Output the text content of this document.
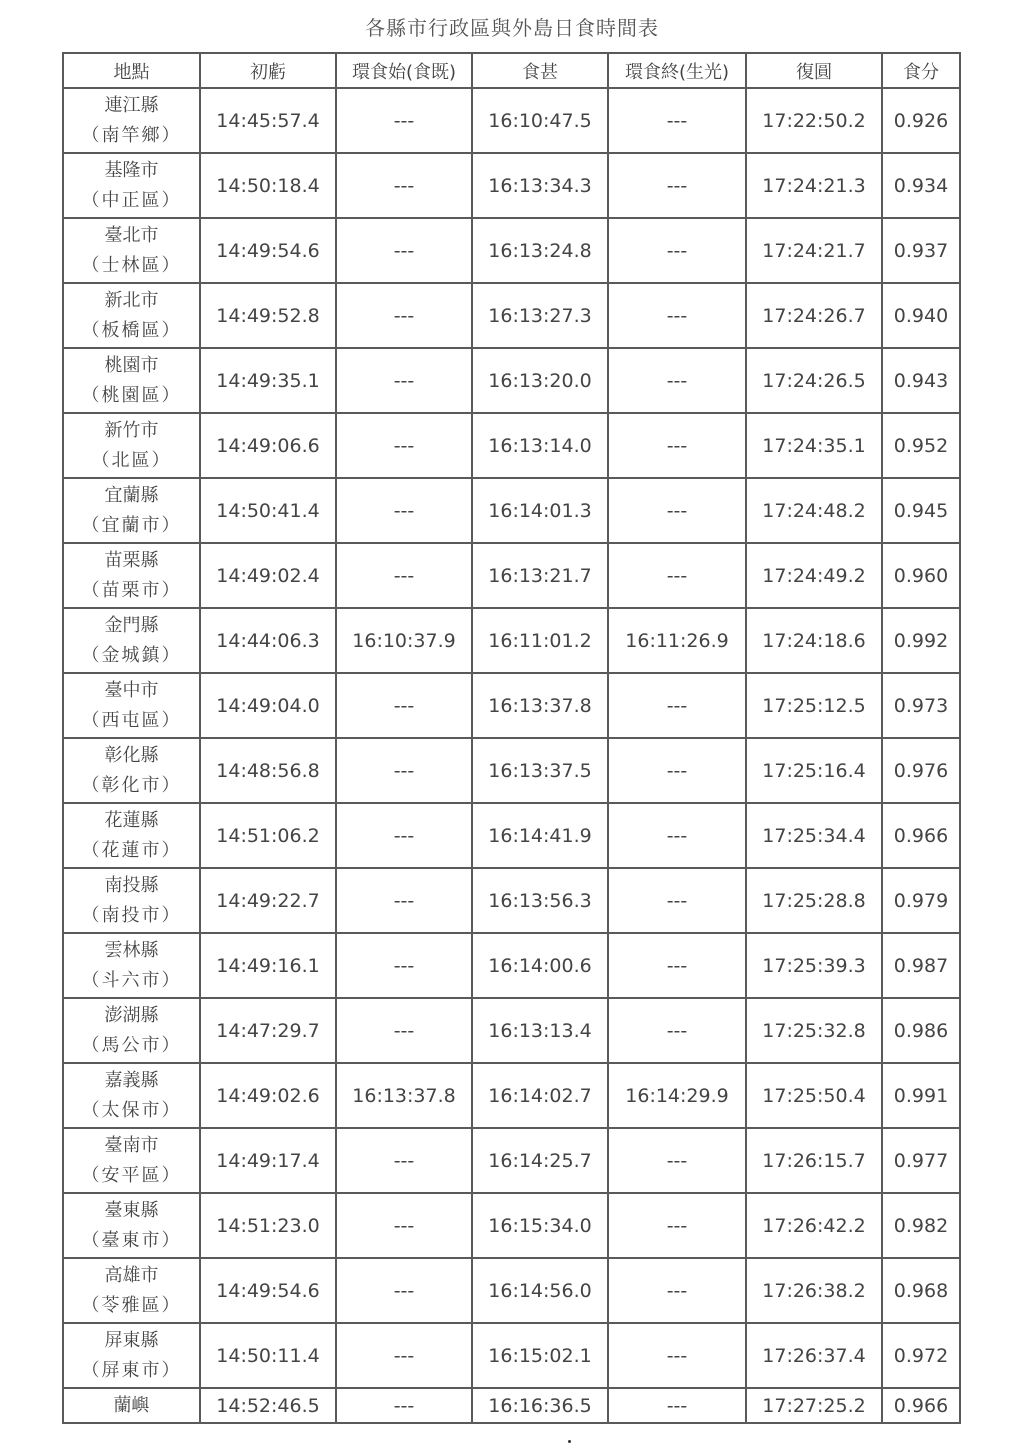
各縣市行政區與外島日食時間表
地點	初虧	環食始(食既)	食甚	環食終(生光)	復圓	食分

連江縣
（南竿鄉）	14:45:57.4	---	16:10:47.5	---	17:22:50.2	0.926

基隆市
（中正區）	14:50:18.4	---	16:13:34.3	---	17:24:21.3	0.934

臺北市
（士林區）	14:49:54.6	---	16:13:24.8	---	17:24:21.7	0.937

新北市
（板橋區）	14:49:52.8	---	16:13:27.3	---	17:24:26.7	0.940

桃園市
（桃園區）	14:49:35.1	---	16:13:20.0	---	17:24:26.5	0.943

新竹市
（北區）	14:49:06.6	---	16:13:14.0	---	17:24:35.1	0.952

宜蘭縣
（宜蘭市）	14:50:41.4	---	16:14:01.3	---	17:24:48.2	0.945

苗栗縣
（苗栗市）	14:49:02.4	---	16:13:21.7	---	17:24:49.2	0.960

金門縣
（金城鎮）	14:44:06.3	16:10:37.9	16:11:01.2	16:11:26.9	17:24:18.6	0.992

臺中市
（西屯區）	14:49:04.0	---	16:13:37.8	---	17:25:12.5	0.973

彰化縣
（彰化市）	14:48:56.8	---	16:13:37.5	---	17:25:16.4	0.976

花蓮縣
（花蓮市）	14:51:06.2	---	16:14:41.9	---	17:25:34.4	0.966

南投縣
（南投市）	14:49:22.7	---	16:13:56.3	---	17:25:28.8	0.979

雲林縣
（斗六市）	14:49:16.1	---	16:14:00.6	---	17:25:39.3	0.987

澎湖縣
（馬公市）	14:47:29.7	---	16:13:13.4	---	17:25:32.8	0.986

嘉義縣
（太保市）	14:49:02.6	16:13:37.8	16:14:02.7	16:14:29.9	17:25:50.4	0.991

臺南市
（安平區）	14:49:17.4	---	16:14:25.7	---	17:26:15.7	0.977

臺東縣
（臺東市）	14:51:23.0	---	16:15:34.0	---	17:26:42.2	0.982

高雄市
（苓雅區）	14:49:54.6	---	16:14:56.0	---	17:26:38.2	0.968

屏東縣
（屏東市）	14:50:11.4	---	16:15:02.1	---	17:26:37.4	0.972

蘭嶼	14:52:46.5	---	16:16:36.5	---	17:27:25.2	0.966
